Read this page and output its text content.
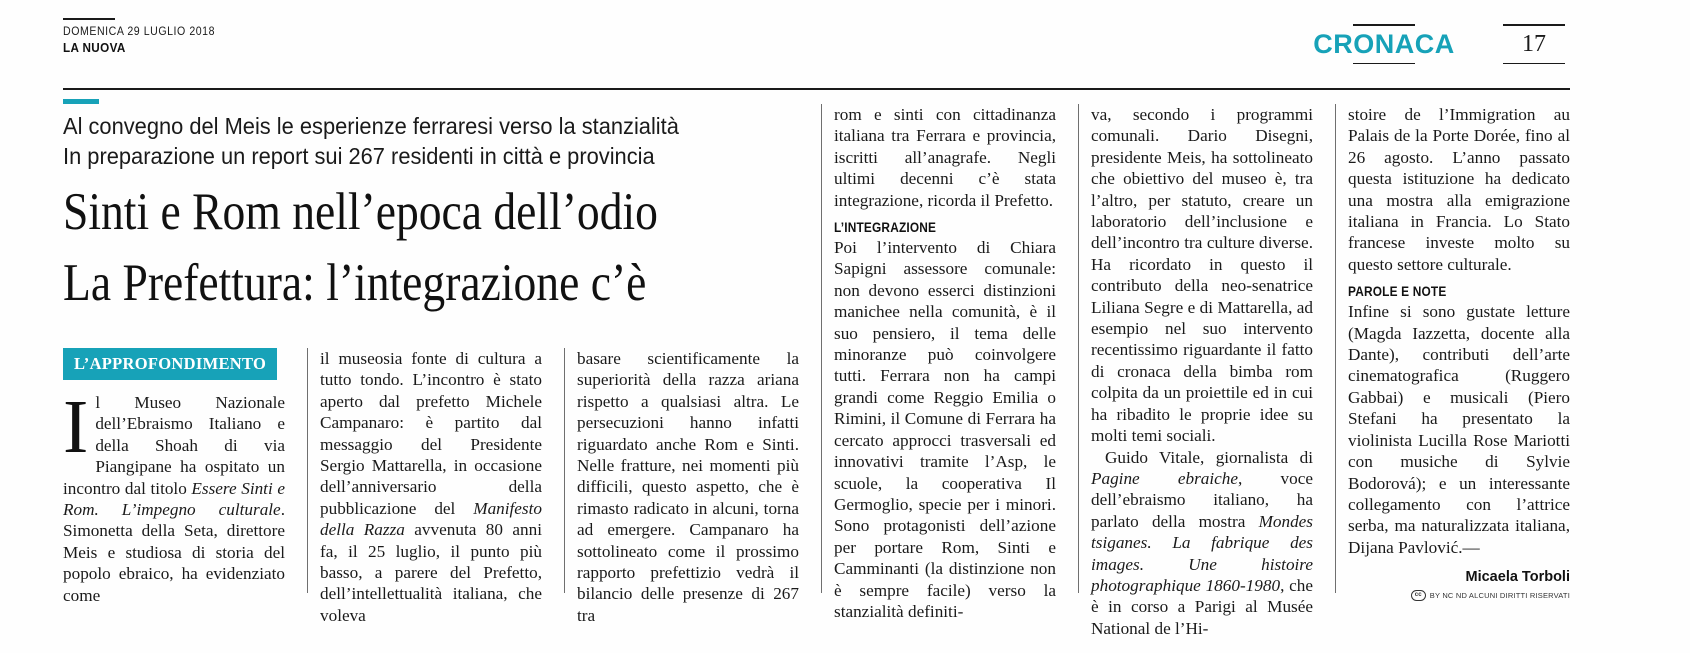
DOMENICA 29 LUGLIO 2018
LA NUOVA	CRONACA	17
Al convegno del Meis le esperienze ferraresi verso la stanzialità
In preparazione un report sui 267 residenti in città e provincia
Sinti e Rom nell’epoca dell’odio
La Prefettura: l’integrazione c’è
L’APPROFONDIMENTO
Il Museo Nazionale dell’Ebraismo Italiano e della Shoah di via Piangipane ha ospitato un incontro dal titolo Essere Sinti e Rom. L’impegno culturale. Simonetta della Seta, direttore Meis e studiosa di storia del popolo ebraico, ha evidenziato come
il museosia fonte di cultura a tutto tondo. L’incontro è stato aperto dal prefetto Michele Campanaro: è partito dal messaggio del Presidente Sergio Mattarella, in occasione dell’anniversario della pubblicazione del Manifesto della Razza avvenuta 80 anni fa, il 25 luglio, il punto più basso, a parere del Prefetto, dell’intellettualità italiana, che voleva
basare scientificamente la superiorità della razza ariana rispetto a qualsiasi altra. Le persecuzioni hanno infatti riguardato anche Rom e Sinti. Nelle fratture, nei momenti più difficili, questo aspetto, che è rimasto radicato in alcuni, torna ad emergere. Campanaro ha sottolineato come il prossimo rapporto prefettizio vedrà il bilancio delle presenze di 267 tra
rom e sinti con cittadinanza italiana tra Ferrara e provincia, iscritti all’anagrafe. Negli ultimi decenni c’è stata integrazione, ricorda il Prefetto.
L’INTEGRAZIONE
Poi l’intervento di Chiara Sapigni assessore comunale: non devono esserci distinzioni manichee nella comunità, è il suo pensiero, il tema delle minoranze può coinvolgere tutti. Ferrara non ha campi grandi come Reggio Emilia o Rimini, il Comune di Ferrara ha cercato approcci trasversali ed innovativi tramite l’Asp, le scuole, la cooperativa Il Germoglio, specie per i minori. Sono protagonisti dell’azione per portare Rom, Sinti e Camminanti (la distinzione non è sempre facile) verso la stanzialità definiti-
va, secondo i programmi comunali. Dario Disegni, presidente Meis, ha sottolineato che obiettivo del museo è, tra l’altro, per statuto, creare un laboratorio dell’inclusione e dell’incontro tra culture diverse. Ha ricordato in questo il contributo della neo-senatrice Liliana Segre e di Mattarella, ad esempio nel suo intervento recentissimo riguardante il fatto di cronaca della bimba rom colpita da un proiettile ed in cui ha ribadito le proprie idee su molti temi sociali.
Guido Vitale, giornalista di Pagine ebraiche, voce dell’ebraismo italiano, ha parlato della mostra Mondes tsiganes. La fabrique des images. Une histoire photographique 1860-1980, che è in corso a Parigi al Musée National de l’Hi-
stoire de l’Immigration au Palais de la Porte Dorée, fino al 26 agosto. L’anno passato questa istituzione ha dedicato una mostra alla emigrazione italiana in Francia. Lo Stato francese investe molto su questo settore culturale.
PAROLE E NOTE
Infine si sono gustate letture (Magda Iazzetta, docente alla Dante), contributi dell’arte cinematografica (Ruggero Gabbai) e musicali (Piero Stefani ha presentato la violinista Lucilla Rose Mariotti con musiche di Sylvie Bodorová); e un interessante collegamento con l’attrice serba, ma naturalizzata italiana, Dijana Pavlović.—
Micaela Torboli
cc	BY NC ND ALCUNI DIRITTI RISERVATI
